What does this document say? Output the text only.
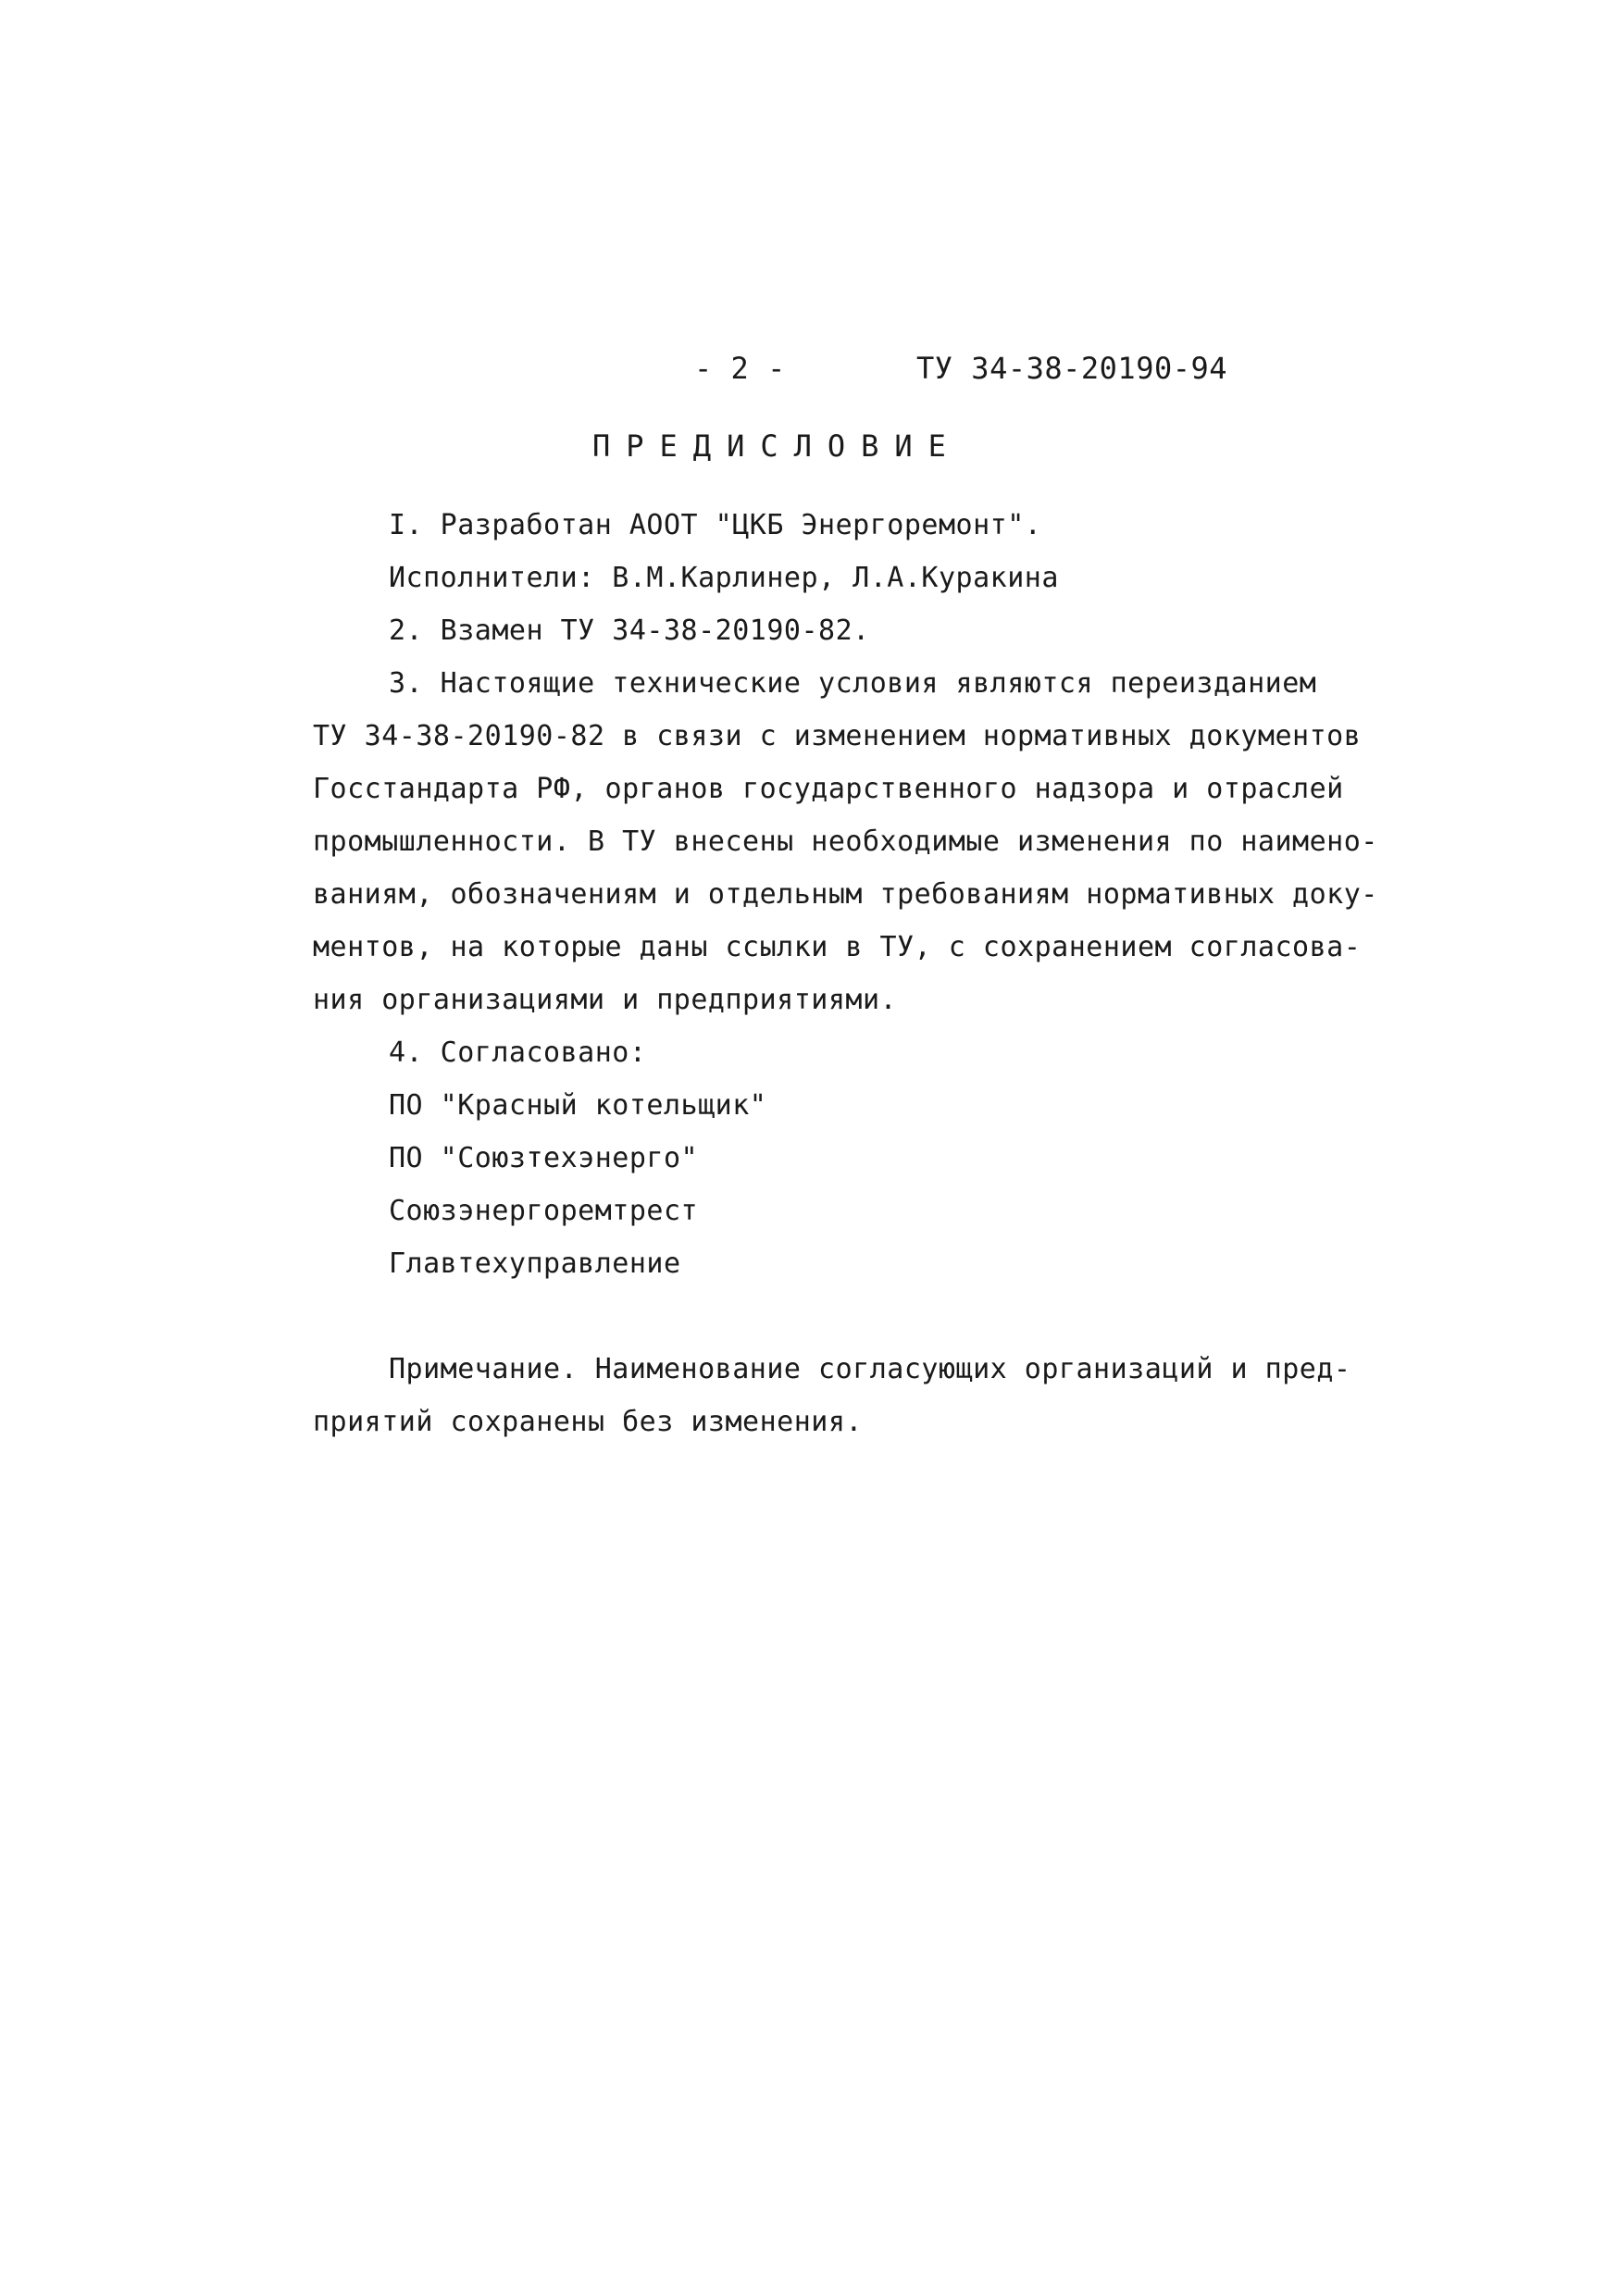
- 2 -	ТУ 34-38-20190-94
ПРЕДИСЛОВИЕ
I. Разработан АООТ "ЦКБ Энергоремонт".
Исполнители: В.М.Карлинер, Л.А.Куракина
2. Взамен ТУ 34-38-20190-82.
3. Настоящие технические условия являются переизданием
ТУ 34-38-20190-82 в связи с изменением нормативных документов
Госстандарта РФ, органов государственного надзора и отраслей
промышленности. В ТУ внесены необходимые изменения по наимено-
ваниям, обозначениям и отдельным требованиям нормативных доку-
ментов, на которые даны ссылки в ТУ, с сохранением согласова-
ния организациями и предприятиями.
4. Согласовано:
ПО "Красный котельщик"
ПО "Союзтехэнерго"
Союзэнергоремтрест
Главтехуправление
Примечание. Наименование согласующих организаций и пред-
приятий сохранены без изменения.
